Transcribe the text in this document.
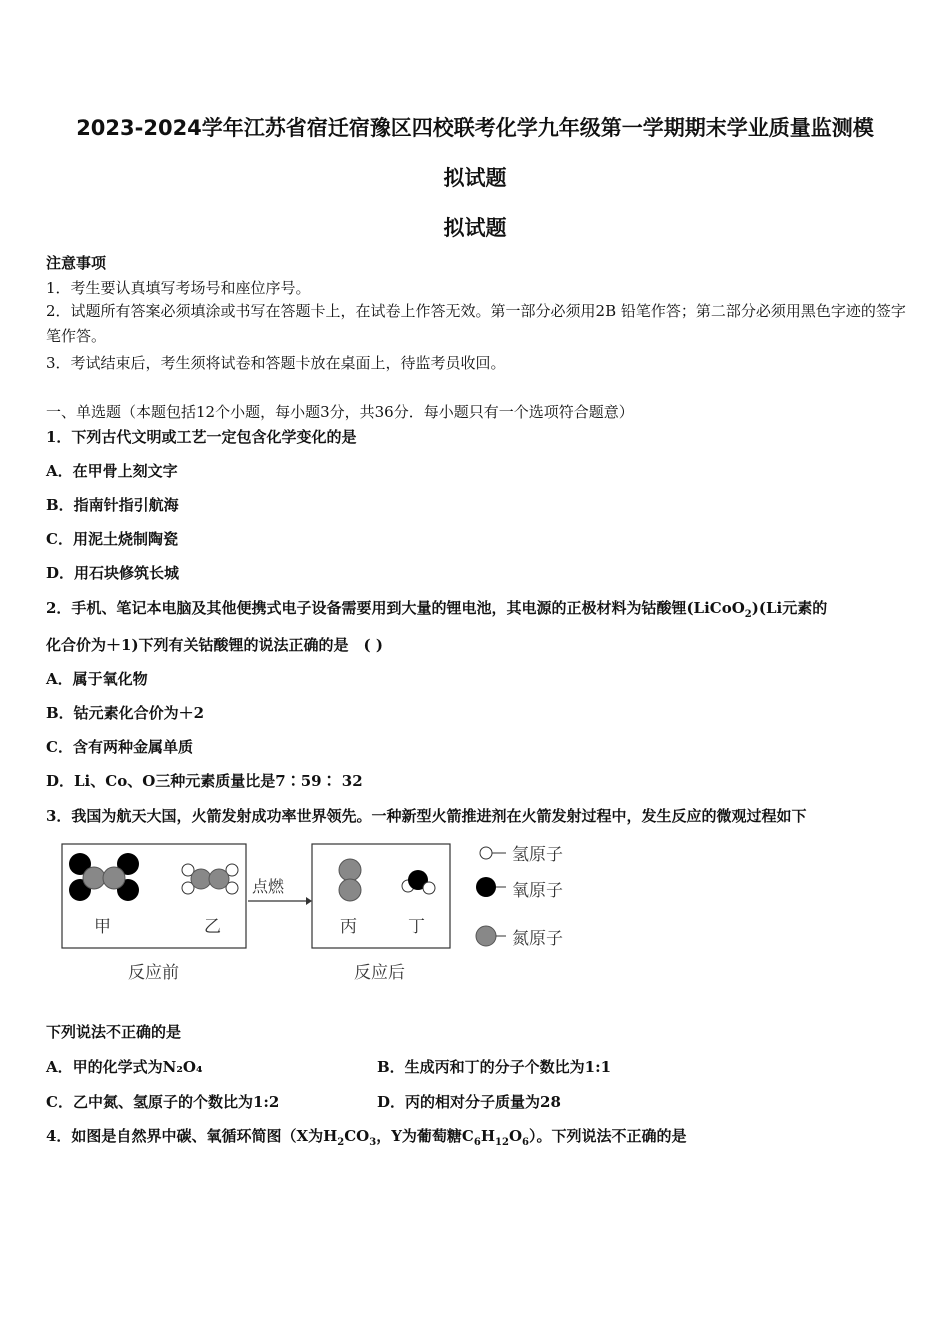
2023-2024学年江苏省宿迁宿豫区四校联考化学九年级第一学期期末学业质量监测模
拟试题
拟试题
注意事项
1．考生要认真填写考场号和座位序号。
2．试题所有答案必须填涂或书写在答题卡上，在试卷上作答无效。第一部分必须用2B 铅笔作答；第二部分必须用黑色字迹的签字笔作答。
3．考试结束后，考生须将试卷和答题卡放在桌面上，待监考员收回。
一、单选题（本题包括12个小题，每小题3分，共36分．每小题只有一个选项符合题意）
1．下列古代文明或工艺一定包含化学变化的是
A．在甲骨上刻文字
B．指南针指引航海
C．用泥土烧制陶瓷
D．用石块修筑长城
2．手机、笔记本电脑及其他便携式电子设备需要用到大量的锂电池，其电源的正极材料为钴酸锂(LiCoO$_2$)(Li元素的
化合价为＋1)下列有关钴酸锂的说法正确的是　( )
A．属于氧化物
B．钴元素化合价为＋2
C．含有两种金属单质
D．Li、Co、O三种元素质量比是7∶59∶ 32
3．我国为航天大国，火箭发射成功率世界领先。一种新型火箭推进剂在火箭发射过程中，发生反应的微观过程如下
甲	乙
点燃
丙	丁
反应前	反应后
氢原子
氧原子
氮原子
下列说法不正确的是
A．甲的化学式为N₂O₄	B．生成丙和丁的分子个数比为1:1
C．乙中氮、氢原子的个数比为1:2	D．丙的相对分子质量为28
4．如图是自然界中碳、氧循环简图（X为$H_2CO_3$，Y为葡萄糖$C_6H_{12}O_6$）。下列说法不正确的是
